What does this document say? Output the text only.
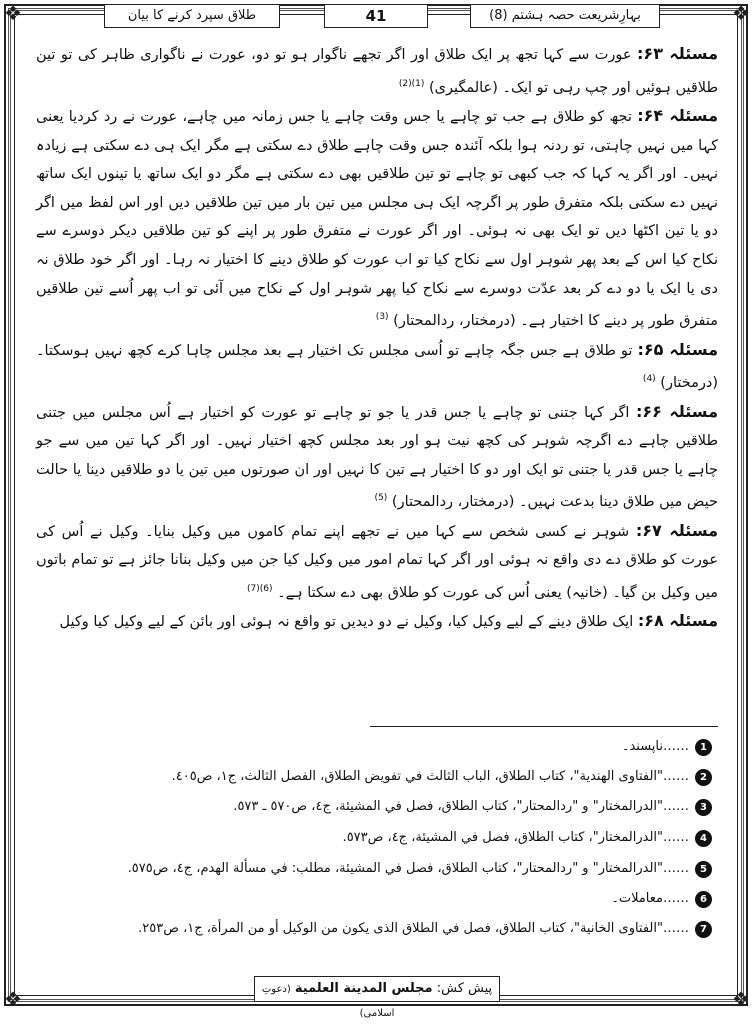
❖	❖
❖	❖
بہارِشریعت حصہ ہشتم (8)
41
طلاق سپرد کرنے کا بیان

مسئلہ ۶۳: عورت سے کہا تجھ پر ایک طلاق اور اگر تجھے ناگوار ہو تو دو، عورت نے ناگواری ظاہر کی تو تین طلاقیں ہوئیں اور چپ رہی تو ایک۔ (عالمگیری) $^{(1)(2)}$

مسئلہ ۶۴: تجھ کو طلاق ہے جب تو چاہے یا جس وقت چاہے یا جس زمانہ میں چاہے، عورت نے رد کردیا یعنی کہا میں نہیں چاہتی، تو ردنہ ہوا بلکہ آئندہ جس وقت چاہے طلاق دے سکتی ہے مگر ایک ہی دے سکتی ہے زیادہ نہیں۔ اور اگر یہ کہا کہ جب کبھی تو چاہے تو تین طلاقیں بھی دے سکتی ہے مگر دو ایک ساتھ یا تینوں ایک ساتھ نہیں دے سکتی بلکہ متفرق طور پر اگرچہ ایک ہی مجلس میں تین بار میں تین طلاقیں دیں اور اس لفظ میں اگر دو یا تین اکٹھا دیں تو ایک بھی نہ ہوئی۔ اور اگر عورت نے متفرق طور پر اپنے کو تین طلاقیں دیکر دوسرے سے نکاح کیا اس کے بعد پھر شوہر اول سے نکاح کیا تو اب عورت کو طلاق دینے کا اختیار نہ رہا۔ اور اگر خود طلاق نہ دی یا ایک یا دو دے کر بعد عدّت دوسرے سے نکاح کیا پھر شوہر اول کے نکاح میں آئی تو اب پھر اُسے تین طلاقیں متفرق طور پر دینے کا اختیار ہے۔ (درمختار، ردالمحتار) $^{(3)}$

مسئلہ ۶۵: تو طلاق ہے جس جگہ چاہے تو اُسی مجلس تک اختیار ہے بعد مجلس چاہا کرے کچھ نہیں ہوسکتا۔ (درمختار) $^{(4)}$

مسئلہ ۶۶: اگر کہا جتنی تو چاہے یا جس قدر یا جو تو چاہے تو عورت کو اختیار ہے اُس مجلس میں جتنی طلاقیں چاہے دے اگرچہ شوہر کی کچھ نیت ہو اور بعد مجلس کچھ اختیار نہیں۔ اور اگر کہا تین میں سے جو چاہے یا جس قدر یا جتنی تو ایک اور دو کا اختیار ہے تین کا نہیں اور ان صورتوں میں تین یا دو طلاقیں دینا یا حالت حیض میں طلاق دینا بدعت نہیں۔ (درمختار، ردالمحتار) $^{(5)}$

مسئلہ ۶۷: شوہر نے کسی شخص سے کہا میں نے تجھے اپنے تمام کاموں میں وکیل بنایا۔ وکیل نے اُس کی عورت کو طلاق دے دی واقع نہ ہوئی اور اگر کہا تمام امور میں وکیل کیا جن میں وکیل بنانا جائز ہے تو تمام باتوں میں وکیل بن گیا۔ (خانیہ) یعنی اُس کی عورت کو طلاق بھی دے سکتا ہے۔ $^{(6)(7)}$

مسئلہ ۶۸: ایک طلاق دینے کے لیے وکیل کیا، وکیل نے دو دیدیں تو واقع نہ ہوئی اور بائن کے لیے وکیل کیا وکیل

1
……ناپسند۔
2
……"الفتاوى الهندية"، كتاب الطلاق، الباب الثالث في تفويض الطلاق، الفصل الثالث، ج١، ص٤٠٥.
3
……"الدرالمختار" و "ردالمحتار"، كتاب الطلاق، فصل في المشيئة، ج٤، ص٥٧٠ ـ ٥٧٣.
4
……"الدرالمختار"، كتاب الطلاق، فصل في المشيئة، ج٤، ص٥٧٣.
5
……"الدرالمختار" و "ردالمحتار"، كتاب الطلاق، فصل في المشيئة، مطلب: في مسألة الهدم، ج٤، ص٥٧٥.
6
……معاملات۔
7
……"الفتاوى الخانية"، كتاب الطلاق، فصل في الطلاق الذى يكون من الوكيل أو من المرأة، ج١، ص٢٥٣.
پیش کش: مجلس المدينة العلمية (دعوتِ اسلامی)
